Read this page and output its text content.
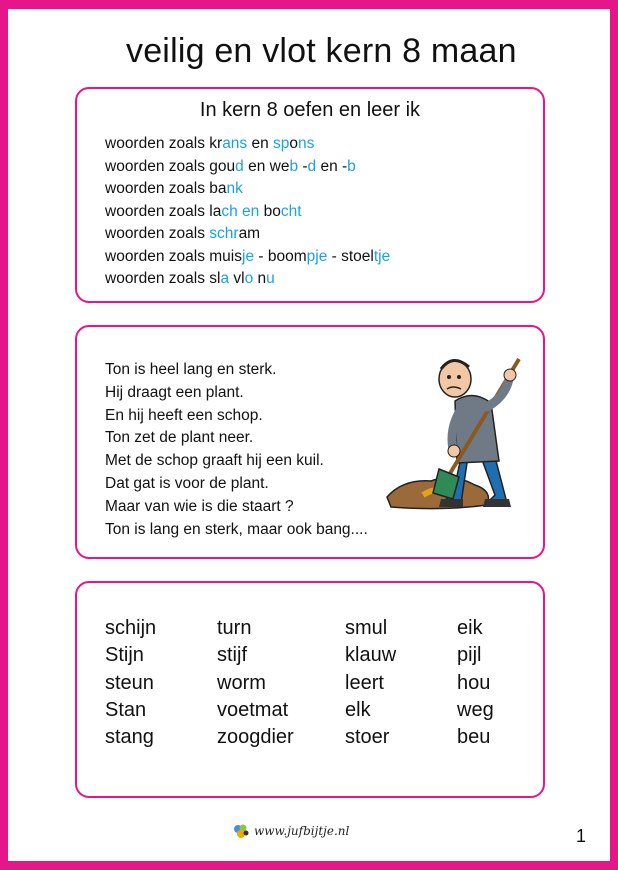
veilig en vlot kern 8 maan
In kern 8 oefen en leer ik
woorden zoals krans en spons
woorden zoals goud en web -d en -b
woorden zoals bank
woorden zoals lach en bocht
woorden zoals schram
woorden zoals muisje - boompje - stoeltje
woorden zoals sla vlo nu
Ton is heel lang en sterk.
Hij draagt een plant.
En hij heeft een schop.
Ton zet de plant neer.
Met de schop graaft hij een kuil.
Dat gat is voor de plant.
Maar van wie is die staart ?
Ton is lang en sterk, maar ook bang....
schijn	turn	smul	eik
Stijn	stijf	klauw	pijl
steun	worm	leert	hou
Stan	voetmat	elk	weg
stang	zoogdier	stoer	beu
www.jufbijtje.nl	1
